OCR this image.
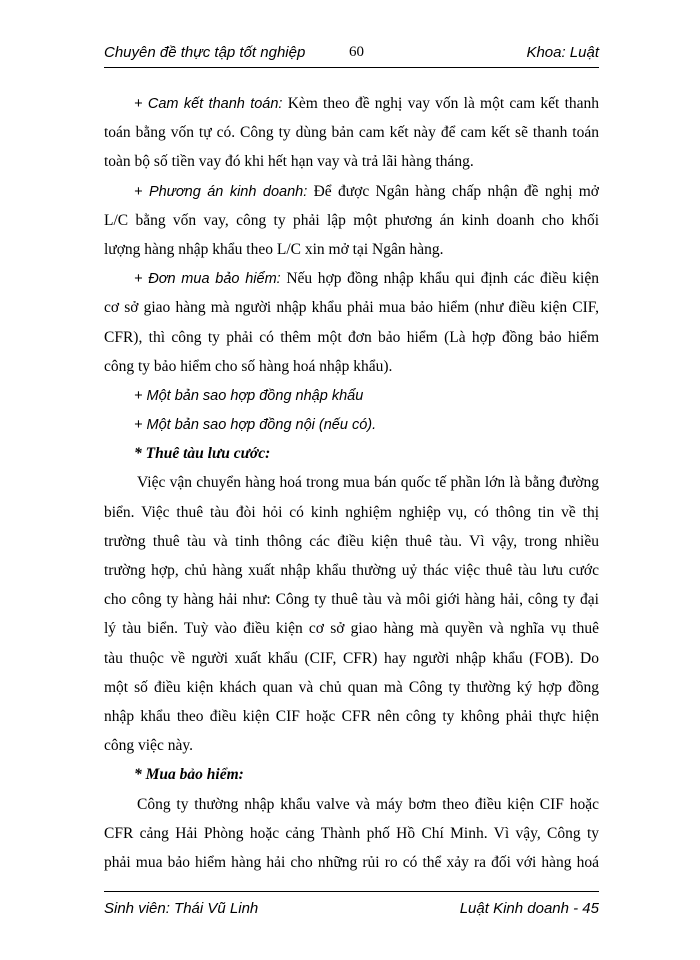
Chuyên đề thực tập tốt nghiệp	60	Khoa: Luật
+ Cam kết thanh toán: Kèm theo đề nghị vay vốn là một cam kết thanh
toán bằng vốn tự có. Công ty dùng bản cam kết này để cam kết sẽ thanh toán
toàn bộ số tiền vay đó khi hết hạn vay và trả lãi hàng tháng.
+ Phương án kinh doanh: Để được Ngân hàng chấp nhận đề nghị mở
L/C bằng vốn vay, công ty phải lập một phương án kinh doanh cho khối
lượng hàng nhập khẩu theo L/C xin mở tại Ngân hàng.
+ Đơn mua bảo hiểm: Nếu hợp đồng nhập khẩu qui định các điều kiện
cơ sở giao hàng mà người nhập khẩu phải mua bảo hiểm (như điều kiện CIF,
CFR), thì công ty phải có thêm một đơn bảo hiểm (Là hợp đồng bảo hiểm
công ty bảo hiểm cho số hàng hoá nhập khẩu).
+ Một bản sao hợp đồng nhập khẩu
+ Một bản sao hợp đồng nội (nếu có).
* Thuê tàu lưu cước:
Việc vận chuyển hàng hoá trong mua bán quốc tế phần lớn là bằng đường
biển. Việc thuê tàu đòi hỏi có kinh nghiệm nghiệp vụ, có thông tin về thị
trường thuê tàu và tinh thông các điều kiện thuê tàu. Vì vậy, trong nhiều
trường hợp, chủ hàng xuất nhập khẩu thường uỷ thác việc thuê tàu lưu cước
cho công ty hàng hải như: Công ty thuê tàu và môi giới hàng hải, công ty đại
lý tàu biển. Tuỳ vào điều kiện cơ sở giao hàng mà quyền và nghĩa vụ thuê
tàu thuộc về người xuất khẩu (CIF, CFR) hay người nhập khẩu (FOB). Do
một số điều kiện khách quan và chủ quan mà Công ty thường ký hợp đồng
nhập khẩu theo điều kiện CIF hoặc CFR nên công ty không phải thực hiện
công việc này.
* Mua bảo hiểm:
Công ty thường nhập khẩu valve và máy bơm theo điều kiện CIF hoặc
CFR cảng Hải Phòng hoặc cảng Thành phố Hồ Chí Minh. Vì vậy, Công ty
phải mua bảo hiểm hàng hải cho những rủi ro có thể xảy ra đối với hàng hoá
Sinh viên: Thái Vũ Linh	Luật Kinh doanh - 45
